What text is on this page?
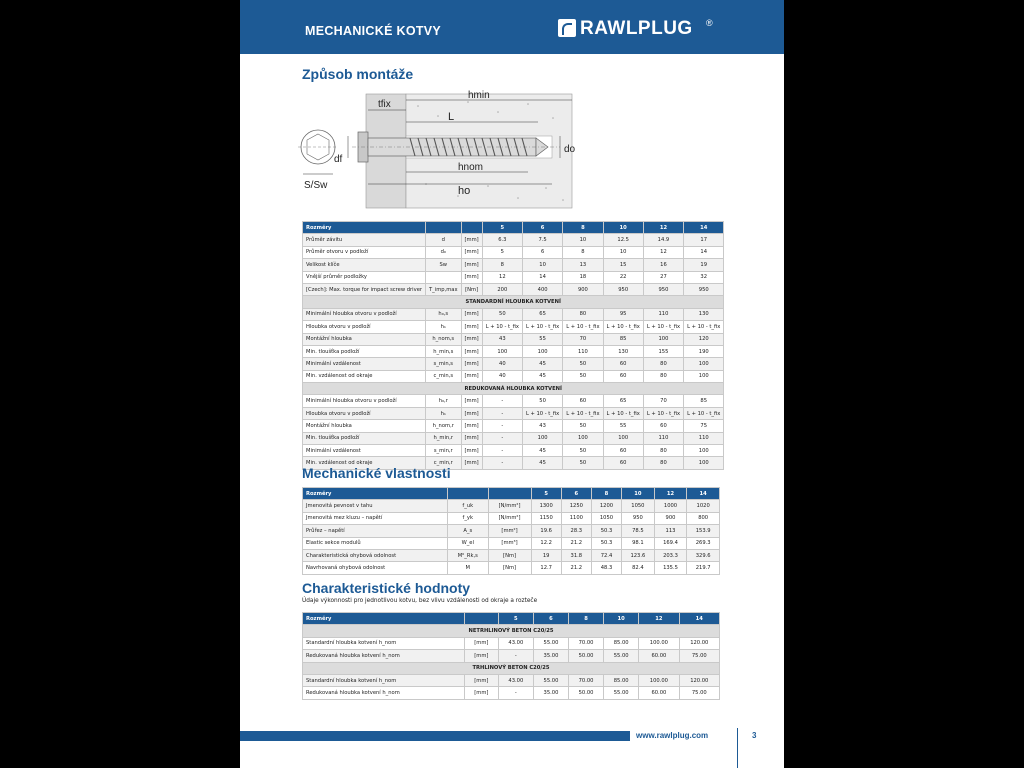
MECHANICKÉ KOTVY	RAWLPLUG ®
Způsob montáže
tfix
hmin
L
df
hnom
ho
do
S/Sw
Rozměry			5	6	8	10	12	14
Průměr závitu	d	[mm]	6.3	7.5	10	12.5	14.9	17
Průměr otvoru v podloží	d₀	[mm]	5	6	8	10	12	14
Velikost klíče	Sw	[mm]	8	10	13	15	16	19
Vnější průměr podložky		[mm]	12	14	18	22	27	32
[Czech]: Max. torque for impact screw driver	T_imp,max	[Nm]	200	400	900	950	950	950
STANDARDNÍ HLOUBKA KOTVENÍ								
Minimální hloubka otvoru v podloží	h₀,s	[mm]	50	65	80	95	110	130
Hloubka otvoru v podloží	h₁	[mm]	L + 10 - t_fix	L + 10 - t_fix	L + 10 - t_fix	L + 10 - t_fix	L + 10 - t_fix	L + 10 - t_fix
Montážní hloubka	h_nom,s	[mm]	43	55	70	85	100	120
Min. tloušťka podloží	h_min,s	[mm]	100	100	110	130	155	190
Minimální vzdálenost	s_min,s	[mm]	40	45	50	60	80	100
Min. vzdálenost od okraje	c_min,s	[mm]	40	45	50	60	80	100
REDUKOVANÁ HLOUBKA KOTVENÍ								
Minimální hloubka otvoru v podloží	h₀,r	[mm]	-	50	60	65	70	85
Hloubka otvoru v podloží	h₁	[mm]	-	L + 10 - t_fix	L + 10 - t_fix	L + 10 - t_fix	L + 10 - t_fix	L + 10 - t_fix
Montážní hloubka	h_nom,r	[mm]	-	43	50	55	60	75
Min. tloušťka podloží	h_min,r	[mm]	-	100	100	100	110	110
Minimální vzdálenost	s_min,r	[mm]	-	45	50	60	80	100
Min. vzdálenost od okraje	c_min,r	[mm]	-	45	50	60	80	100
Mechanické vlastnosti
Rozměry			5	6	8	10	12	14
Jmenovitá pevnost v tahu	f_uk	[N/mm²]	1300	1250	1200	1050	1000	1020
Jmenovitá mez kluzu – napětí	f_yk	[N/mm²]	1150	1100	1050	950	900	800
Průřez – napětí	A_s	[mm²]	19.6	28.3	50.3	78.5	113	153.9
Elastic sekce modulů	W_el	[mm³]	12.2	21.2	50.3	98.1	169.4	269.3
Charakteristická ohybová odolnost	M⁰_Rk,s	[Nm]	19	31.8	72.4	123.6	203.3	329.6
Navrhovaná ohybová odolnost	M	[Nm]	12.7	21.2	48.3	82.4	135.5	219.7
Charakteristické hodnoty
Údaje výkonnosti pro jednotlivou kotvu, bez vlivu vzdálenosti od okraje a rozteče
Rozměry		5	6	8	10	12	14
NETRHLINOVÝ BETON C20/25							
Standardní hloubka kotvení h_nom	[mm]	43.00	55.00	70.00	85.00	100.00	120.00
Redukovaná hloubka kotvení h_nom	[mm]	-	35.00	50.00	55.00	60.00	75.00
TRHLINOVÝ BETON C20/25							
Standardní hloubka kotvení h_nom	[mm]	43.00	55.00	70.00	85.00	100.00	120.00
Redukovaná hloubka kotvení h_nom	[mm]	-	35.00	50.00	55.00	60.00	75.00
www.rawlplug.com	3
